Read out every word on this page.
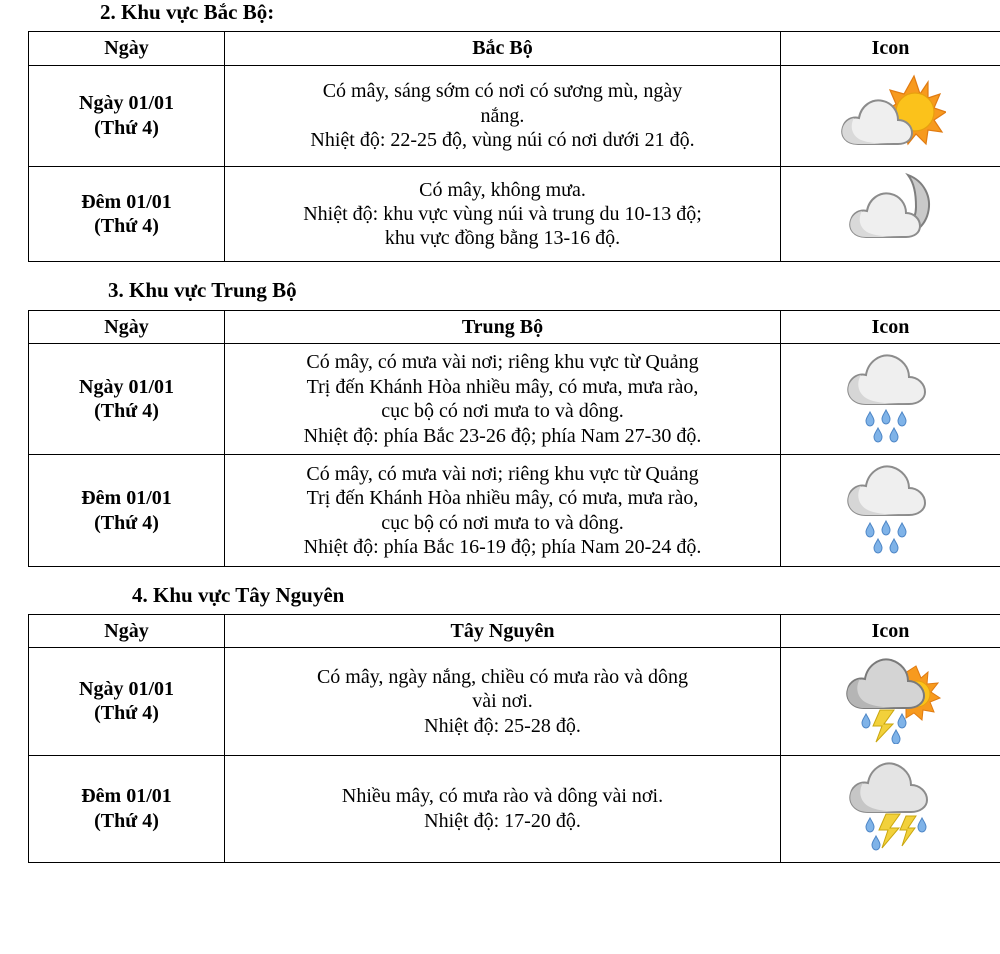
2. Khu vực Bắc Bộ:
Ngày	Bắc Bộ	Icon
Ngày 01/01
(Thứ 4)	Có mây, sáng sớm có nơi có sương mù, ngày
nắng.
Nhiệt độ: 22-25 độ, vùng núi có nơi dưới 21 độ.

Đêm 01/01
(Thứ 4)	Có mây, không mưa.
Nhiệt độ: khu vực vùng núi và trung du 10-13 độ;
khu vực đồng bằng 13-16 độ.

3. Khu vực Trung Bộ
Ngày	Trung Bộ	Icon
Ngày 01/01
(Thứ 4)	Có mây, có mưa vài nơi; riêng khu vực từ Quảng
Trị đến Khánh Hòa nhiều mây, có mưa, mưa rào,
cục bộ có nơi mưa to và dông.
Nhiệt độ: phía Bắc 23-26 độ; phía Nam 27-30 độ.

Đêm 01/01
(Thứ 4)	Có mây, có mưa vài nơi; riêng khu vực từ Quảng
Trị đến Khánh Hòa nhiều mây, có mưa, mưa rào,
cục bộ có nơi mưa to và dông.
Nhiệt độ: phía Bắc 16-19 độ; phía Nam 20-24 độ.

4. Khu vực Tây Nguyên
Ngày	Tây Nguyên	Icon
Ngày 01/01
(Thứ 4)	Có mây, ngày nắng, chiều có mưa rào và dông
vài nơi.
Nhiệt độ: 25-28 độ.

Đêm 01/01
(Thứ 4)	Nhiều mây, có mưa rào và dông vài nơi.
Nhiệt độ: 17-20 độ.
